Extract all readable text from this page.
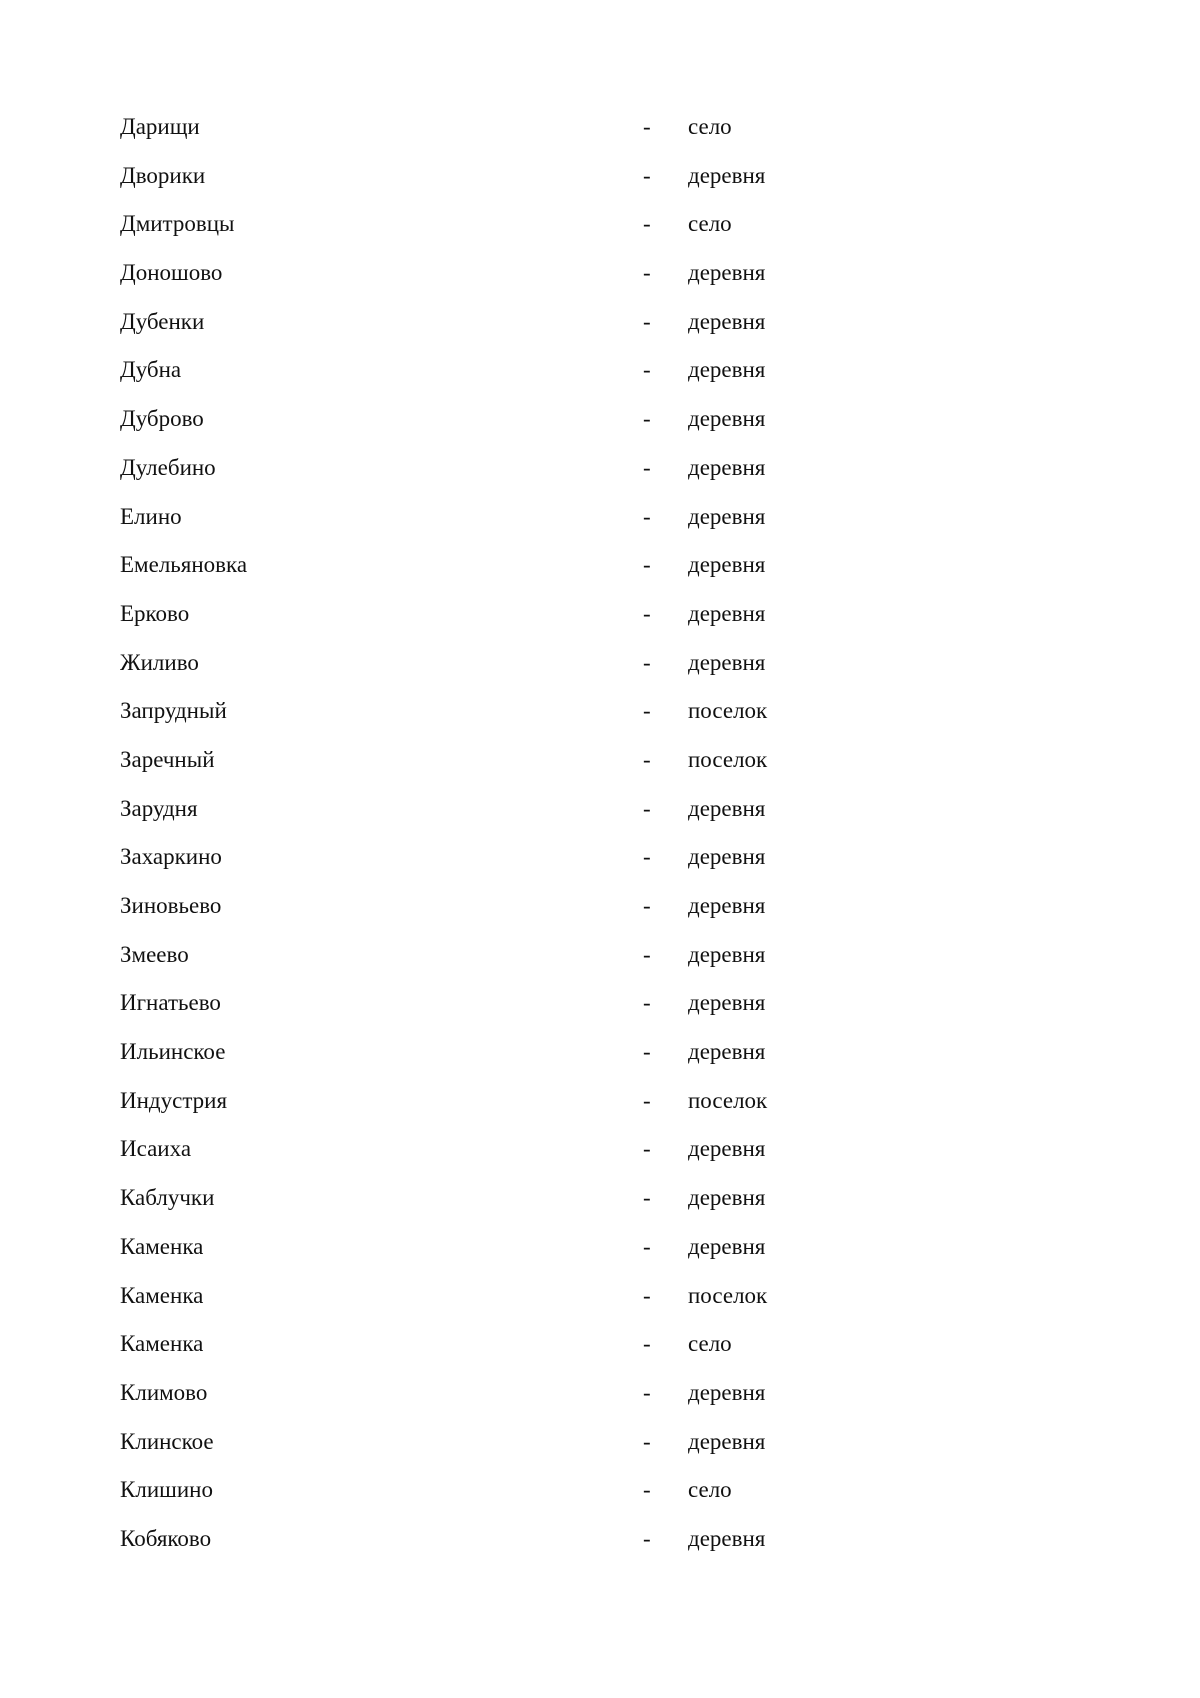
Дарищи	- село
Дворики	- деревня
Дмитровцы	- село
Доношово	- деревня
Дубенки	- деревня
Дубна	- деревня
Дуброво	- деревня
Дулебино	- деревня
Елино	- деревня
Емельяновка	- деревня
Ерково	- деревня
Жиливо	- деревня
Запрудный	- поселок
Заречный	- поселок
Зарудня	- деревня
Захаркино	- деревня
Зиновьево	- деревня
Змеево	- деревня
Игнатьево	- деревня
Ильинское	- деревня
Индустрия	- поселок
Исаиха	- деревня
Каблучки	- деревня
Каменка	- деревня
Каменка	- поселок
Каменка	- село
Климово	- деревня
Клинское	- деревня
Клишино	- село
Кобяково	- деревня
